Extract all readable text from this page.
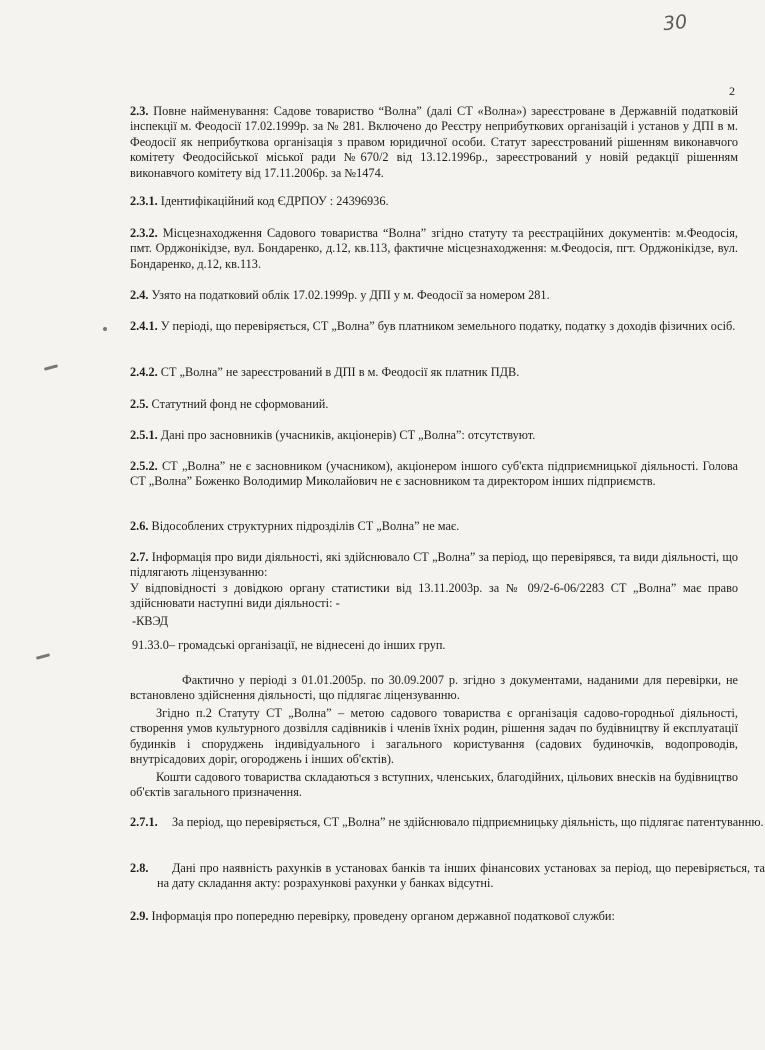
30
2
2.3. Повне найменування: Садове товариство “Волна” (далі СТ «Волна») зареєстроване в Державній податковій інспекції м. Феодосії 17.02.1999р. за № 281. Включено до Реєстру неприбуткових організацій і установ у ДПІ в м. Феодосії як неприбуткова організація з правом юридичної особи. Статут зареєстрований рішенням виконавчого комітету Феодосійської міської ради №670/2 від 13.12.1996р., зареєстрований у новій редакції рішенням виконавчого комітету від 17.11.2006р. за №1474.
2.3.1. Ідентифікаційний код ЄДРПОУ : 24396936.
2.3.2. Місцезнаходження Садового товариства “Волна” згідно статуту та реєстраційних документів: м.Феодосія, пмт. Орджонікідзе, вул. Бондаренко, д.12, кв.113, фактичне місцезнаходження: м.Феодосія, пгт. Орджонікідзе, вул. Бондаренко, д.12, кв.113.
2.4. Узято на податковий облік 17.02.1999р. у ДПІ у м. Феодосії за номером 281.
2.4.1. У періоді, що перевіряється, СТ „Волна” був платником земельного податку, податку з доходів фізичних осіб.
2.4.2. СТ „Волна” не зареєстрований в ДПІ в м. Феодосії як платник ПДВ.
2.5. Статутний фонд не сформований.
2.5.1. Дані про засновників (учасників, акціонерів) СТ „Волна”: отсутствуют.
2.5.2. СТ „Волна” не є засновником (учасником), акціонером іншого суб'єкта підприємницької діяльності. Голова СТ „Волна” Боженко Володимир Миколайович не є засновником та директором інших підприємств.
2.6. Відособлених структурних підрозділів СТ „Волна” не має.
2.7. Інформація про види діяльності, які здійснювало СТ „Волна” за період, що перевірявся, та види діяльності, що підлягають ліцензуванню:
У відповідності з довідкою органу статистики від 13.11.2003р. за № 09/2-6-06/2283 СТ „Волна” має право здійснювати наступні види діяльності: -
-КВЭД
91.33.0– громадські організації, не віднесені до інших груп.
Фактично у періоді з 01.01.2005р. по 30.09.2007 р. згідно з документами, наданими для перевірки, не встановлено здійснення діяльності, що підлягає ліцензуванню.
Згідно п.2 Статуту СТ „Волна” – метою садового товариства є організація садово-городньої діяльності, створення умов культурного дозвілля садівників і членів їхніх родин, рішення задач по будівництву й експлуатації будинків і споруджень індивідуального і загального користування (садових будиночків, водопроводів, внутрісадових доріг, огороджень і інших об'єктів).
Кошти садового товариства складаються з вступних, членських, благодійних, цільових внесків на будівництво об'єктів загального призначення.
2.7.1. За період, що перевіряється, СТ „Волна” не здійснювало підприємницьку діяльність, що підлягає патентуванню.
2.8. Дані про наявність рахунків в установах банків та інших фінансових установах за період, що перевіряється, та на дату складання акту: розрахункові рахунки у банках відсутні.
2.9. Інформація про попередню перевірку, проведену органом державної податкової служби:
